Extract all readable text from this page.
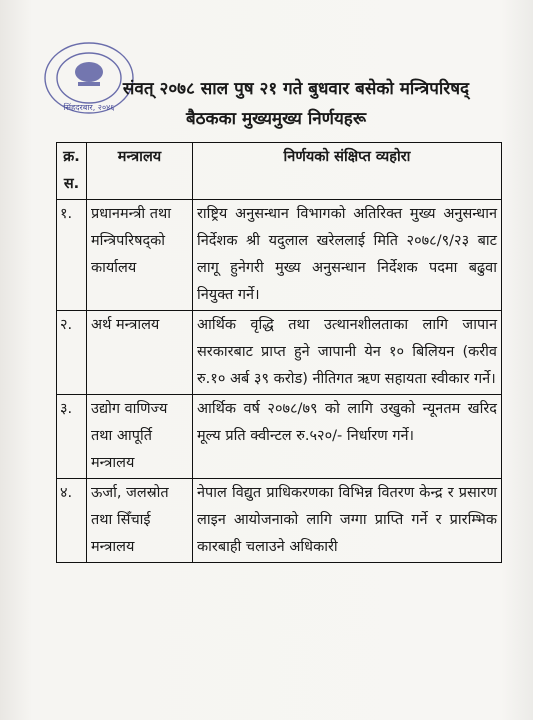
सिंहदरबार, २०४६
संवत् २०७८ साल पुष २१ गते बुधवार बसेको मन्त्रिपरिषद्
बैठकका मुख्यमुख्य निर्णयहरू
क्र. स.	मन्त्रालय	निर्णयको संक्षिप्त व्यहोरा
१.	प्रधानमन्त्री तथा मन्त्रिपरिषद्को कार्यालय	राष्ट्रिय अनुसन्धान विभागको अतिरिक्त मुख्य अनुसन्धान निर्देशक श्री यदुलाल खरेललाई मिति २०७८/९/२३ बाट लागू हुनेगरी मुख्य अनुसन्धान निर्देशक पदमा बढुवा नियुक्त गर्ने।
२.	अर्थ मन्त्रालय	आर्थिक वृद्धि तथा उत्थानशीलताका लागि जापान सरकारबाट प्राप्त हुने जापानी येन १० बिलियन (करीव रु.१० अर्ब ३९ करोड) नीतिगत ऋण सहायता स्वीकार गर्ने।
३.	उद्योग वाणिज्य तथा आपूर्ति मन्त्रालय	आर्थिक वर्ष २०७८/७९ को लागि उखुको न्यूनतम खरिद मूल्य प्रति क्वीन्टल रु.५२०/- निर्धारण गर्ने।
४.	ऊर्जा, जलस्रोत तथा सिँचाई मन्त्रालय	नेपाल विद्युत प्राधिकरणका विभिन्न वितरण केन्द्र र प्रसारण लाइन आयोजनाको लागि जग्गा प्राप्ति गर्ने र प्रारम्भिक कारबाही चलाउने अधिकारी
